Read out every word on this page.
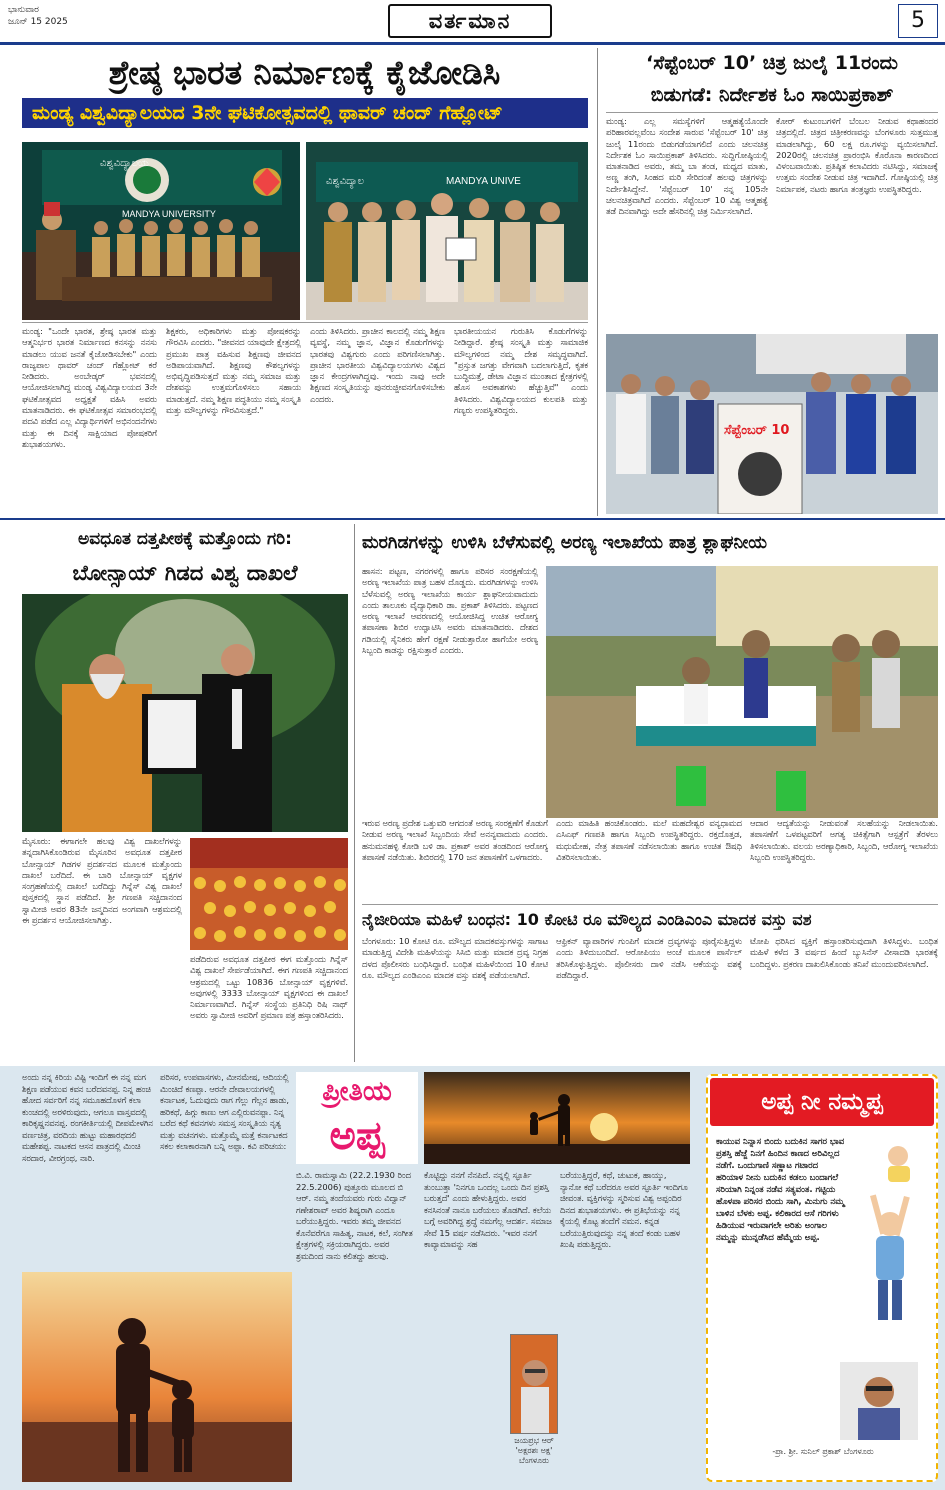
ಭಾನುವಾರ
ಜೂನ್ 15 2025	ವರ್ತಮಾನ	5
ಶ್ರೇಷ್ಠ ಭಾರತ ನಿರ್ಮಾಣಕ್ಕೆ ಕೈಜೋಡಿಸಿ
ಮಂಡ್ಯ ವಿಶ್ವವಿದ್ಯಾಲಯದ 3ನೇ ಘಟಿಕೋತ್ಸವದಲ್ಲಿ ಥಾವರ್ ಚಂದ್ ಗೆಹ್ಲೋಟ್
MANDYA UNIVERSITY
ವಿಶ್ವವಿದ್ಯಾಲಯ
ವಿಶ್ವವಿದ್ಯಾಲ	MANDYA UNIVE
ಮಂಡ್ಯ: "ಒಂದೇ ಭಾರತ, ಶ್ರೇಷ್ಠ ಭಾರತ ಮತ್ತು ಆತ್ಮನಿರ್ಭರ ಭಾರತ ನಿರ್ಮಾಣದ ಕನಸನ್ನು ನನಸು ಮಾಡಲು ಯುವ ಜನತೆ ಕೈಜೋಡಿಸಬೇಕು" ಎಂದು ರಾಜ್ಯಪಾಲ ಥಾವರ್ ಚಂದ್ ಗೆಹ್ಲೋಟ್ ಕರೆ ನೀಡಿದರು. ಅಂಬೇಡ್ಕರ್ ಭವನದಲ್ಲಿ ಆಯೋಜಿಸಲಾಗಿದ್ದ ಮಂಡ್ಯ ವಿಶ್ವವಿದ್ಯಾಲಯದ 3ನೇ ಘಟಿಕೋತ್ಸವದ ಅಧ್ಯಕ್ಷತೆ ವಹಿಸಿ ಅವರು ಮಾತನಾಡಿದರು. ಈ ಘಟಿಕೋತ್ಸವ ಸಮಾರಂಭದಲ್ಲಿ ಪದವಿ ಪಡೆದ ಎಲ್ಲ ವಿದ್ಯಾರ್ಥಿಗಳಿಗೆ ಅಭಿನಂದನೆಗಳು ಮತ್ತು ಈ ದಿನಕ್ಕೆ ಸಾಕ್ಷಿಯಾದ ಪೋಷಕರಿಗೆ ಶುಭಾಶಯಗಳು.
ಶಿಕ್ಷಕರು, ಅಧಿಕಾರಿಗಳು ಮತ್ತು ಪೋಷಕರನ್ನು ಗೌರವಿಸಿ ಎಂದರು. "ಜೀವನದ ಯಾವುದೇ ಕ್ಷೇತ್ರದಲ್ಲಿ ಪ್ರಮುಖ ಪಾತ್ರ ವಹಿಸುವ ಶಿಕ್ಷಣವು ಜೀವನದ ಅಡಿಪಾಯವಾಗಿದೆ. ಶಿಕ್ಷಣವು ಕೌಶಲ್ಯಗಳನ್ನು ಅಭಿವೃದ್ಧಿಪಡಿಸುತ್ತದೆ ಮತ್ತು ನಮ್ಮ ಸಮಾಜ ಮತ್ತು ದೇಶವನ್ನು ಉತ್ತಮಗೊಳಿಸಲು ಸಹಾಯ ಮಾಡುತ್ತದೆ. ನಮ್ಮ ಶಿಕ್ಷಣ ಪದ್ಧತಿಯು ನಮ್ಮ ಸಂಸ್ಕೃತಿ ಮತ್ತು ಮೌಲ್ಯಗಳನ್ನು ಗೌರವಿಸುತ್ತದೆ."
ಎಂದು ತಿಳಿಸಿದರು. ಪ್ರಾಚೀನ ಕಾಲದಲ್ಲಿ ನಮ್ಮ ಶಿಕ್ಷಣ ವ್ಯವಸ್ಥೆ, ನಮ್ಮ ಜ್ಞಾನ, ವಿಜ್ಞಾನ ಕೊಡುಗೆಗಳನ್ನು ಭಾರತವು ವಿಶ್ವಗುರು ಎಂದು ಪರಿಗಣಿಸಲಾಗಿತ್ತು. ಪ್ರಾಚೀನ ಭಾರತೀಯ ವಿಶ್ವವಿದ್ಯಾಲಯಗಳು ವಿಶ್ವದ ಜ್ಞಾನ ಕೇಂದ್ರಗಳಾಗಿದ್ದವು. ಇಂದು ನಾವು ಅದೇ ಶಿಕ್ಷಣದ ಸಂಸ್ಕೃತಿಯನ್ನು ಪುನರುಜ್ಜೀವನಗೊಳಿಸಬೇಕು ಎಂದರು.
ಭಾರತೀಯಯನ ಗುರುತಿಸಿ ಕೊಡುಗೆಗಳನ್ನು ನೀಡಿದ್ದಾರೆ. ಶ್ರೇಷ್ಠ ಸಂಸ್ಕೃತಿ ಮತ್ತು ಸಾಮಾಜಿಕ ಮೌಲ್ಯಗಳಿಂದ ನಮ್ಮ ದೇಶ ಸಮೃದ್ಧವಾಗಿದೆ. "ಪ್ರಸ್ತುತ ಜಗತ್ತು ವೇಗವಾಗಿ ಬದಲಾಗುತ್ತಿದೆ, ಕೃತಕ ಬುದ್ಧಿಮತ್ತೆ, ಡೇಟಾ ವಿಜ್ಞಾನ ಮುಂತಾದ ಕ್ಷೇತ್ರಗಳಲ್ಲಿ ಹೊಸ ಅವಕಾಶಗಳು ಹೆಚ್ಚುತ್ತಿವೆ" ಎಂದು ತಿಳಿಸಿದರು. ವಿಶ್ವವಿದ್ಯಾಲಯದ ಕುಲಪತಿ ಮತ್ತು ಗಣ್ಯರು ಉಪಸ್ಥಿತರಿದ್ದರು.
‘ಸೆಪ್ಟೆಂಬರ್ 10’ ಚಿತ್ರ ಜುಲೈ 11ರಂದು
ಬಿಡುಗಡೆ: ನಿರ್ದೇಶಕ ಓಂ ಸಾಯಿಪ್ರಕಾಶ್
ಮಂಡ್ಯ: ಎಲ್ಲ ಸಮಸ್ಯೆಗಳಿಗೆ ಆತ್ಮಹತ್ಯೆಯೊಂದೇ ಪರಿಹಾರವಲ್ಲವೆಂಬ ಸಂದೇಶ ಸಾರುವ 'ಸೆಪ್ಟೆಂಬರ್ 10' ಚಿತ್ರ ಜುಲೈ 11ರಂದು ಬಿಡುಗಡೆಯಾಗಲಿದೆ ಎಂದು ಚಲನಚಿತ್ರ ನಿರ್ದೇಶಕ ಓಂ ಸಾಯಿಪ್ರಕಾಶ್ ತಿಳಿಸಿದರು. ಸುದ್ದಿಗೋಷ್ಠಿಯಲ್ಲಿ ಮಾತನಾಡಿದ ಅವರು, ತಮ್ಮ ಬಾ ತಂಡ, ಮಧ್ಯದ ಮಾತು, ಅಣ್ಣ ತಂಗಿ, ಸಿಂಹದ ಮರಿ ಸೇರಿದಂತೆ ಹಲವು ಚಿತ್ರಗಳನ್ನು ನಿರ್ದೇಶಿಸಿದ್ದೇನೆ. 'ಸೆಪ್ಟೆಂಬರ್ 10' ನನ್ನ 105ನೇ ಚಲನಚಿತ್ರವಾಗಿದೆ ಎಂದರು. ಸೆಪ್ಟೆಂಬರ್ 10 ವಿಶ್ವ ಆತ್ಮಹತ್ಯೆ ತಡೆ ದಿನವಾಗಿದ್ದು ಅದೇ ಹೆಸರಿನಲ್ಲಿ ಚಿತ್ರ ನಿರ್ಮಿಸಲಾಗಿದೆ.
ಕೋರ್ ಕುಟುಂಬಗಳಿಗೆ ಬೆಂಬಲ ನೀಡುವ ಕಥಾಹಂದರ ಚಿತ್ರದಲ್ಲಿದೆ. ಚಿತ್ರದ ಚಿತ್ರೀಕರಣವನ್ನು ಬೆಂಗಳೂರು ಸುತ್ತಮುತ್ತ ಮಾಡಲಾಗಿದ್ದು, 60 ಲಕ್ಷ ರೂ.ಗಳನ್ನು ವ್ಯಯಿಸಲಾಗಿದೆ. 2020ರಲ್ಲಿ ಚಲನಚಿತ್ರ ಪ್ರಾರಂಭಿಸಿ ಕೊರೊನಾ ಕಾರಣದಿಂದ ವಿಳಂಬವಾಯಿತು. ಪ್ರತಿಷ್ಠಿತ ಕಲಾವಿದರು ನಟಿಸಿದ್ದು, ಸಮಾಜಕ್ಕೆ ಉತ್ತಮ ಸಂದೇಶ ನೀಡುವ ಚಿತ್ರ ಇದಾಗಿದೆ. ಗೋಷ್ಠಿಯಲ್ಲಿ ಚಿತ್ರ ನಿರ್ಮಾಪಕ, ನಟರು ಹಾಗೂ ತಂತ್ರಜ್ಞರು ಉಪಸ್ಥಿತರಿದ್ದರು.
ಸೆಪ್ಟೆಂಬರ್ 10
ಅವಧೂತ ದತ್ತಪೀಠಕ್ಕೆ ಮತ್ತೊಂದು ಗರಿ:
ಬೋನ್ಸಾಯ್ ಗಿಡದ ವಿಶ್ವ ದಾಖಲೆ
ಮೈಸೂರು: ಈಗಾಗಲೇ ಹಲವು ವಿಶ್ವ ದಾಖಲೆಗಳನ್ನು ತನ್ನದಾಗಿಸಿಕೊಂಡಿರುವ ಮೈಸೂರಿನ ಅವಧೂತ ದತ್ತಪೀಠ ಬೋನ್ಸಾಯ್ ಗಿಡಗಳ ಪ್ರದರ್ಶನದ ಮೂಲಕ ಮತ್ತೊಂದು ದಾಖಲೆ ಬರೆದಿದೆ. ಈ ಬಾರಿ ಬೋನ್ಸಾಯ್ ವೃಕ್ಷಗಳ ಸಂಗ್ರಹಣೆಯಲ್ಲಿ ದಾಖಲೆ ಬರೆದಿದ್ದು ಗಿನ್ನೆಸ್ ವಿಶ್ವ ದಾಖಲೆ ಪುಸ್ತಕದಲ್ಲಿ ಸ್ಥಾನ ಪಡೆದಿದೆ. ಶ್ರೀ ಗಣಪತಿ ಸಚ್ಚಿದಾನಂದ ಸ್ವಾಮೀಜಿ ಅವರ 83ನೇ ಜನ್ಮದಿನದ ಅಂಗವಾಗಿ ಆಶ್ರಮದಲ್ಲಿ ಈ ಪ್ರದರ್ಶನ ಆಯೋಜಿಸಲಾಗಿತ್ತು.
ಪಡೆದಿರುವ ಅವಧೂತ ದತ್ತಪೀಠ ಈಗ ಮತ್ತೊಂದು ಗಿನ್ನೆಸ್ ವಿಶ್ವ ದಾಖಲೆ ಸೇರ್ಪಡೆಯಾಗಿದೆ. ಈಗ ಗಣಪತಿ ಸಚ್ಚಿದಾನಂದ ಆಶ್ರಮದಲ್ಲಿ ಒಟ್ಟು 10836 ಬೋನ್ಸಾಯ್ ವೃಕ್ಷಗಳಿವೆ. ಅವುಗಳಲ್ಲಿ 3333 ಬೋನ್ಸಾಯ್ ವೃಕ್ಷಗಳಿಂದ ಈ ದಾಖಲೆ ನಿರ್ಮಾಣವಾಗಿದೆ. ಗಿನ್ನೆಸ್ ಸಂಸ್ಥೆಯ ಪ್ರತಿನಿಧಿ ರಿಷಿ ನಾಥ್ ಅವರು ಸ್ವಾಮೀಜಿ ಅವರಿಗೆ ಪ್ರಮಾಣ ಪತ್ರ ಹಸ್ತಾಂತರಿಸಿದರು.
ಮರಗಿಡಗಳನ್ನು ಉಳಿಸಿ ಬೆಳೆಸುವಲ್ಲಿ ಅರಣ್ಯ ಇಲಾಖೆಯ ಪಾತ್ರ ಶ್ಲಾಘನೀಯ
ಹಾಸನ: ಪಟ್ಟಣ, ನಗರಗಳಲ್ಲಿ ಹಾಗೂ ಪರಿಸರ ಸಂರಕ್ಷಣೆಯಲ್ಲಿ ಅರಣ್ಯ ಇಲಾಖೆಯ ಪಾತ್ರ ಬಹಳ ದೊಡ್ಡದು. ಮರಗಿಡಗಳನ್ನು ಉಳಿಸಿ ಬೆಳೆಸುವಲ್ಲಿ ಅರಣ್ಯ ಇಲಾಖೆಯ ಕಾರ್ಯ ಶ್ಲಾಘನೀಯವಾದುದು ಎಂದು ತಾಲೂಕು ವೈದ್ಯಾಧಿಕಾರಿ ಡಾ. ಪ್ರಕಾಶ್ ತಿಳಿಸಿದರು. ಪಟ್ಟಣದ ಅರಣ್ಯ ಇಲಾಖೆ ಆವರಣದಲ್ಲಿ ಆಯೋಜಿಸಿದ್ದ ಉಚಿತ ಆರೋಗ್ಯ ತಪಾಸಣಾ ಶಿಬಿರ ಉದ್ಘಾಟಿಸಿ ಅವರು ಮಾತನಾಡಿದರು. ದೇಶದ ಗಡಿಯಲ್ಲಿ ಸೈನಿಕರು ಹೇಗೆ ರಕ್ಷಣೆ ನೀಡುತ್ತಾರೋ ಹಾಗೆಯೇ ಅರಣ್ಯ ಸಿಬ್ಬಂದಿ ಕಾಡನ್ನು ರಕ್ಷಿಸುತ್ತಾರೆ ಎಂದರು.
ಇರುವ ಅರಣ್ಯ ಪ್ರದೇಶ ಒತ್ತುವರಿ ಆಗದಂತೆ ಅರಣ್ಯ ಸಂರಕ್ಷಣೆಗೆ ಕೊಡುಗೆ ನೀಡುವ ಅರಣ್ಯ ಇಲಾಖೆ ಸಿಬ್ಬಂದಿಯ ಸೇವೆ ಅನನ್ಯವಾದುದು ಎಂದರು. ಹನುಮನಹಳ್ಳಿ ಕೋಡಿ ಬಳಿ ಡಾ. ಪ್ರಕಾಶ್ ಅವರ ತಂಡದಿಂದ ಆರೋಗ್ಯ ತಪಾಸಣೆ ನಡೆಯಿತು. ಶಿಬಿರದಲ್ಲಿ 170 ಜನ ತಪಾಸಣೆಗೆ ಒಳಗಾದರು.
ಎಂದು ಮಾಹಿತಿ ಹಂಚಿಕೊಂಡರು. ಮಲೆ ಮಹದೇಶ್ವರ ವನ್ಯಧಾಮದ ಎಸಿಎಫ್ ಗಣಪತಿ ಹಾಗೂ ಸಿಬ್ಬಂದಿ ಉಪಸ್ಥಿತರಿದ್ದರು. ರಕ್ತದೊತ್ತಡ, ಮಧುಮೇಹ, ನೇತ್ರ ತಪಾಸಣೆ ನಡೆಸಲಾಯಿತು ಹಾಗೂ ಉಚಿತ ಔಷಧಿ ವಿತರಿಸಲಾಯಿತು.
ಆದಾರ ಆದ್ಯತೆಯನ್ನು ನೀಡುವಂತೆ ಸಲಹೆಯನ್ನು ನೀಡಲಾಯಿತು. ತಪಾಸಣೆಗೆ ಒಳಪಟ್ಟವರಿಗೆ ಅಗತ್ಯ ಚಿಕಿತ್ಸೆಗಾಗಿ ಆಸ್ಪತ್ರೆಗೆ ತೆರಳಲು ತಿಳಿಸಲಾಯಿತು. ವಲಯ ಅರಣ್ಯಾಧಿಕಾರಿ, ಸಿಬ್ಬಂದಿ, ಆರೋಗ್ಯ ಇಲಾಖೆಯ ಸಿಬ್ಬಂದಿ ಉಪಸ್ಥಿತರಿದ್ದರು.
ನೈಜೀರಿಯಾ ಮಹಿಳೆ ಬಂಧನ: 10 ಕೋಟಿ ರೂ ಮೌಲ್ಯದ ಎಂಡಿಎಂಎ ಮಾದಕ ವಸ್ತು ವಶ
ಬೆಂಗಳೂರು: 10 ಕೋಟಿ ರೂ. ಮೌಲ್ಯದ ಮಾದಕವಸ್ತುಗಳನ್ನು ಸಾಗಾಟ ಮಾಡುತ್ತಿದ್ದ ವಿದೇಶಿ ಮಹಿಳೆಯನ್ನು ಸಿಸಿಬಿ ಮತ್ತು ಮಾದಕ ದ್ರವ್ಯ ನಿಗ್ರಹ ದಳದ ಪೊಲೀಸರು ಬಂಧಿಸಿದ್ದಾರೆ. ಬಂಧಿತ ಮಹಿಳೆಯಿಂದ 10 ಕೋಟಿ ರೂ. ಮೌಲ್ಯದ ಎಂಡಿಎಂಎ ಮಾದಕ ವಸ್ತು ವಶಕ್ಕೆ ಪಡೆಯಲಾಗಿದೆ.
ಆಫ್ರಿಕನ್ ವ್ಯಾಪಾರಿಗಳ ಗುಂಪಿಗೆ ಮಾದಕ ದ್ರವ್ಯಗಳನ್ನು ಪೂರೈಸುತ್ತಿದ್ದಳು ಎಂದು ತಿಳಿದುಬಂದಿದೆ. ಆರೋಪಿಯು ಅಂಚೆ ಮೂಲಕ ಪಾರ್ಸೆಲ್ ತರಿಸಿಕೊಳ್ಳುತ್ತಿದ್ದಳು. ಪೊಲೀಸರು ದಾಳಿ ನಡೆಸಿ ಆಕೆಯನ್ನು ವಶಕ್ಕೆ ಪಡೆದಿದ್ದಾರೆ.
ಟೋಪಿ ಧರಿಸಿದ ವ್ಯಕ್ತಿಗೆ ಹಸ್ತಾಂತರಿಸುವುದಾಗಿ ತಿಳಿಸಿದ್ದಳು. ಬಂಧಿತ ಮಹಿಳೆ ಕಳೆದ 3 ವರ್ಷದ ಹಿಂದೆ ಬ್ಯುಸಿನೆಸ್ ವೀಸಾದಡಿ ಭಾರತಕ್ಕೆ ಬಂದಿದ್ದಳು. ಪ್ರಕರಣ ದಾಖಲಿಸಿಕೊಂಡು ತನಿಖೆ ಮುಂದುವರಿಸಲಾಗಿದೆ.
ಅಂದು ನನ್ನ ಕಿರಿಯ ವಿಷ್ಟಿ ಇಂದಿಗೆ ಈ ನನ್ನ ಮಗ ಶಿಕ್ಷಣ ಪಡೆಯುವ ಕವನ ಬರೆದವನಪ್ಪ. ನಿನ್ನ ಹಂಚಿ ಹೋದ ಸರ್ವರಿಗೆ ನನ್ನ ಸಮೂಹದೊಳಗೆ ಕಲಾ ಕುಂಚದಲ್ಲಿ ಅರಳಿರುವುದು, ಆಗಲೂ ವಾಸ್ತವದಲ್ಲಿ ಕಾರಿಕೃಷ್ಣನವನಪ್ಪ. ರಂಗಕೀರ್ತಿಯಲ್ಲಿ ದೀಪಮೇಳಗಿನ ವರ್ಣಚಿತ್ರ, ವರದಿಯ ಹುಟ್ಟು ಮಹಾರಥದಲಿ ಮಹೇಶಪ್ಪ. ನಾಟಕದ ಆಸನ ಪಾತ್ರದಲ್ಲಿ ಮಿಂಚಿ ಸರದಾರ, ವೀರಗ್ರಂಥ, ನಾರಿ.
ಪರಿಸರ, ಉಪವಾಸಗಳು, ಮೀನಮೇಷ, ಆದಿಯಲ್ಲಿ ಮಿಂಚಿದೆ ಕಣಪ್ಪಾ. ಆರನೇ ದೇವಾಲಯಗಳಲ್ಲಿ ಕರ್ನಾಟಕ, ಓದುವುದು ರಾಗ ಗೆಲ್ಲು ಗೆಲ್ಲನ ಹಾಡು, ಹರಿಕಥೆ, ಹಿಗ್ಗು ಕಾಣು ಆಗ ಎಲ್ಲಿರುವನಪ್ಪಾ. ನಿನ್ನ ಬರೆದ ಕಥೆ ಕವನಗಳು ಸಮಸ್ತ ಸಂಸ್ಕೃತಿಯ ನೃತ್ಯ ಮತ್ತು ವಚನಗಳು. ಮತ್ತೊಮ್ಮೆ ಮತ್ತೆ ಕರ್ನಾಟಕದ ಸಕಲ ಕಲಾಕಾರನಾಗಿ ಬನ್ನಿ ಅಪ್ಪಾ. ಕವಿ ಪರಿಚಯ:
ಪ್ರೀತಿಯ
ಅಪ್ಪ
ಬಿ.ವಿ. ರಾಮಸ್ವಾಮಿ (22.2.1930 ರಿಂದ 22.5.2006) ಪುತ್ತೂರು ಮೂಲದ ಬಿ ಆರ್. ನಮ್ಮ ತಂದೆಯವರು ಗುರು ವಿದ್ವಾನ್ ಗಣೇಶರಾವ್ ಅವರ ಶಿಷ್ಯರಾಗಿ ಎಂದೂ ಬರೆಯುತ್ತಿದ್ದರು. ಇವರು ತಮ್ಮ ಜೀವನದ ಕೊನೆವರೆಗೂ ಸಾಹಿತ್ಯ, ನಾಟಕ, ಕಲೆ, ಸಂಗೀತ ಕ್ಷೇತ್ರಗಳಲ್ಲಿ ಸಕ್ರಿಯರಾಗಿದ್ದರು. ಅವರ ಶ್ರಮದಿಂದ ನಾನು ಕಲಿತದ್ದು ಹಲವು.
ಕೊಟ್ಟಿದ್ದು ನನಗೆ ನೆನಪಿದೆ. ನನ್ನಲ್ಲಿ ಸ್ಫೂರ್ತಿ ತುಂಬುತ್ತಾ 'ನಿನಗೂ ಒಂದಲ್ಲ ಒಂದು ದಿನ ಪ್ರಶಸ್ತಿ ಬರುತ್ತದೆ' ಎಂದು ಹೇಳುತ್ತಿದ್ದರು. ಅವರ ಕನಸಿನಂತೆ ನಾನೂ ಬರೆಯಲು ತೊಡಗಿದೆ. ಕಲೆಯ ಬಗ್ಗೆ ಅವರಿಗಿದ್ದ ಶ್ರದ್ಧೆ ನಮಗೆಲ್ಲ ಆದರ್ಶ. ಸಮಾಜ ಸೇವೆ 15 ವರ್ಷ ನಡೆಸಿದರು. 'ಇವರ ನನಗೆ ಕಾವ್ಯಾಮಾವನ್ನು ಸಹ
ಬರೆಯುತ್ತಿದ್ದರೆ, ಕಥೆ, ಚುಟುಕ, ಹಾಯ್ಕು, ನ್ಯಾನೋ ಕಥೆ ಬರೆದರೂ ಅವರ ಸ್ಫೂರ್ತಿ ಇಂದಿಗೂ ಜೀವಂತ. ವ್ಯಕ್ತಿಗಳನ್ನು ಸ್ಮರಿಸುವ ವಿಶ್ವ ಅಪ್ಪಂದಿರ ದಿನದ ಶುಭಾಶಯಗಳು. ಈ ಪ್ರತಿಭೆಯನ್ನು ನನ್ನ ಕೈಯಲ್ಲಿ ಕೊಟ್ಟ ತಂದೆಗೆ ನಮನ. ಕನ್ನಡ ಬರೆಯುತ್ತಿರುವುದನ್ನು ನನ್ನ ತಂದೆ ಕಂಡು ಬಹಳ ಖುಷಿ ಪಡುತ್ತಿದ್ದರು.
ಜಯಪ್ರಭ ಆರ್
'ಅಕ್ಷರಶಃ ಅಕ್ಷ'
ಬೆಂಗಳೂರು
ಅಪ್ಪ ನೀ ನಮ್ಮಪ್ಪ
ಕಾಯುವ ನಿನ್ನಾಸ ಬಿಂದು ಬದುಕಿನ ಸಾಗರ ಭಾವ ಪ್ರಶಸ್ತಿ ಹೆಜ್ಜೆ ನಿನಗೆ ಹಿಂದಿನ ಕಾಣದ ಅರಿವಿಲ್ಲದ ನಡೆಗೆ. ಒಂದುಗಾಣಿ ಸಣ್ಣಾಟ ಗಟಾರದ ಹರಿಯಾಳ ನೀನು ಬದುಕಿನ ಕಡಲು ಬಂದಾಗಲೆ ಸರಿಯಾಗಿ ನಿನ್ನಂತ ನಡೆವ ಸತ್ಯವಂತ. ಗಟ್ಟಿಯ ಹೊಳಪಾ ಪರಿಸರ ಬಿಂದು ಸಾಗಿ, ಮಿನುಗು ನಮ್ಮ ಬಾಳಿನ ಬೆಳಕು ಅಪ್ಪ. ಕಲಿಕಾರದ ಆಸೆ ಗರಿಗಳು ಹಿಡಿಯುವ ಇರುವಾಗಲೇ ಅರಿತು ಅಂಗಾಲ ನಮ್ಮನ್ನು ಮುನ್ನಡೆಸಿದ ಹೆಮ್ಮೆಯ ಅಪ್ಪ.
-ಪ್ರಾ. ಶ್ರೀ. ಸುನಿಲ್ ಪ್ರಕಾಶ್ ಬೆಂಗಳೂರು
